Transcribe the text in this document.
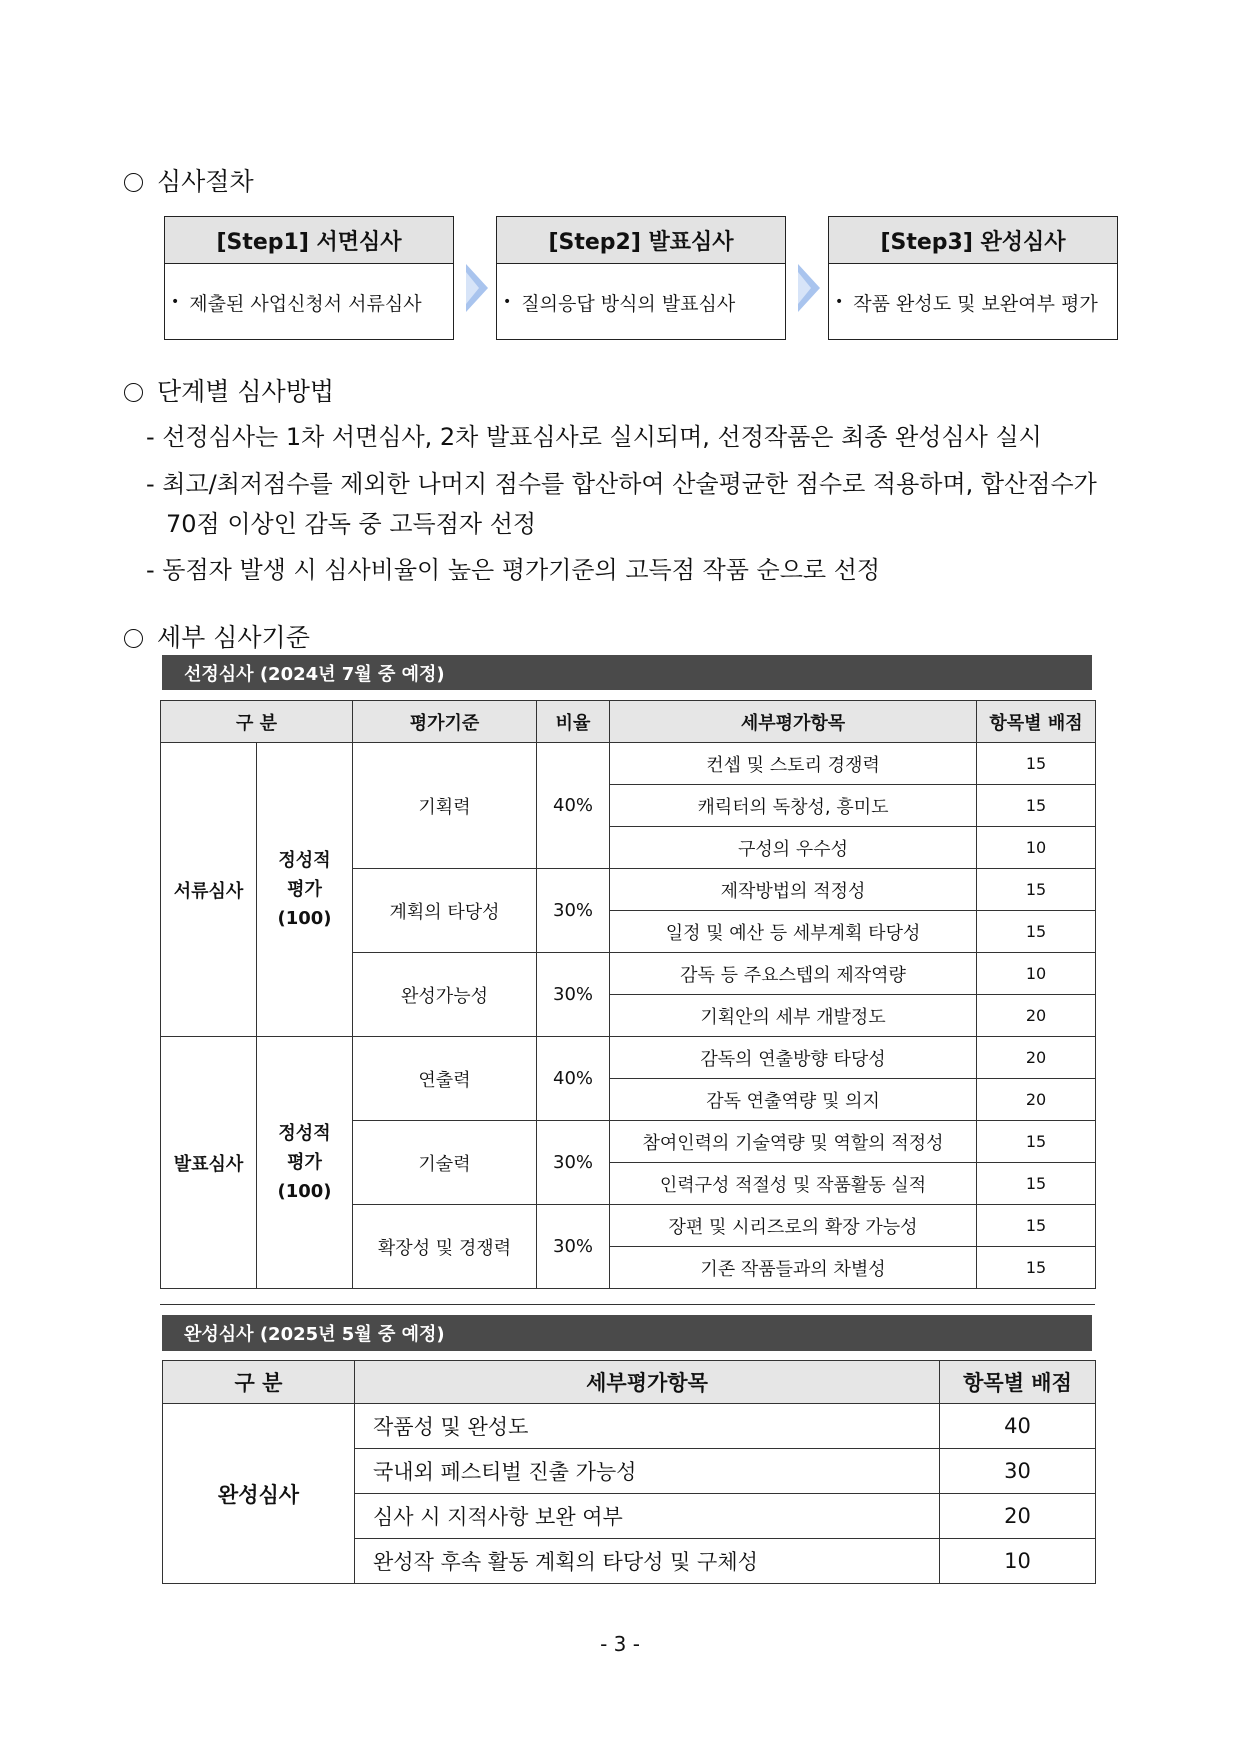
심사절차
[Step1] 서면심사
• 제출된 사업신청서 서류심사
[Step2] 발표심사
• 질의응답 방식의 발표심사
[Step3] 완성심사
• 작품 완성도 및 보완여부 평가
단계별 심사방법
- 선정심사는 1차 서면심사, 2차 발표심사로 실시되며, 선정작품은 최종 완성심사 실시
- 최고/최저점수를 제외한 나머지 점수를 합산하여 산술평균한 점수로 적용하며, 합산점수가
70점 이상인 감독 중 고득점자 선정
- 동점자 발생 시 심사비율이 높은 평가기준의 고득점 작품 순으로 선정
세부 심사기준
선정심사 (2024년 7월 중 예정)
구 분		평가기준	비율	세부평가항목	항목별 배점
서류심사	정성적
평가
(100)	기획력	40%	컨셉 및 스토리 경쟁력	15
				캐릭터의 독창성, 흥미도	15
				구성의 우수성	10
		계획의 타당성	30%	제작방법의 적정성	15
				일정 및 예산 등 세부계획 타당성	15
		완성가능성	30%	감독 등 주요스텝의 제작역량	10
				기획안의 세부 개발정도	20
발표심사	정성적
평가
(100)	연출력	40%	감독의 연출방향 타당성	20
				감독 연출역량 및 의지	20
		기술력	30%	참여인력의 기술역량 및 역할의 적정성	15
				인력구성 적절성 및 작품활동 실적	15
		확장성 및 경쟁력	30%	장편 및 시리즈로의 확장 가능성	15
				기존 작품들과의 차별성	15
완성심사 (2025년 5월 중 예정)
구 분	세부평가항목	항목별 배점
완성심사	작품성 및 완성도	40
	국내외 페스티벌 진출 가능성	30
	심사 시 지적사항 보완 여부	20
	완성작 후속 활동 계획의 타당성 및 구체성	10
- 3 -
